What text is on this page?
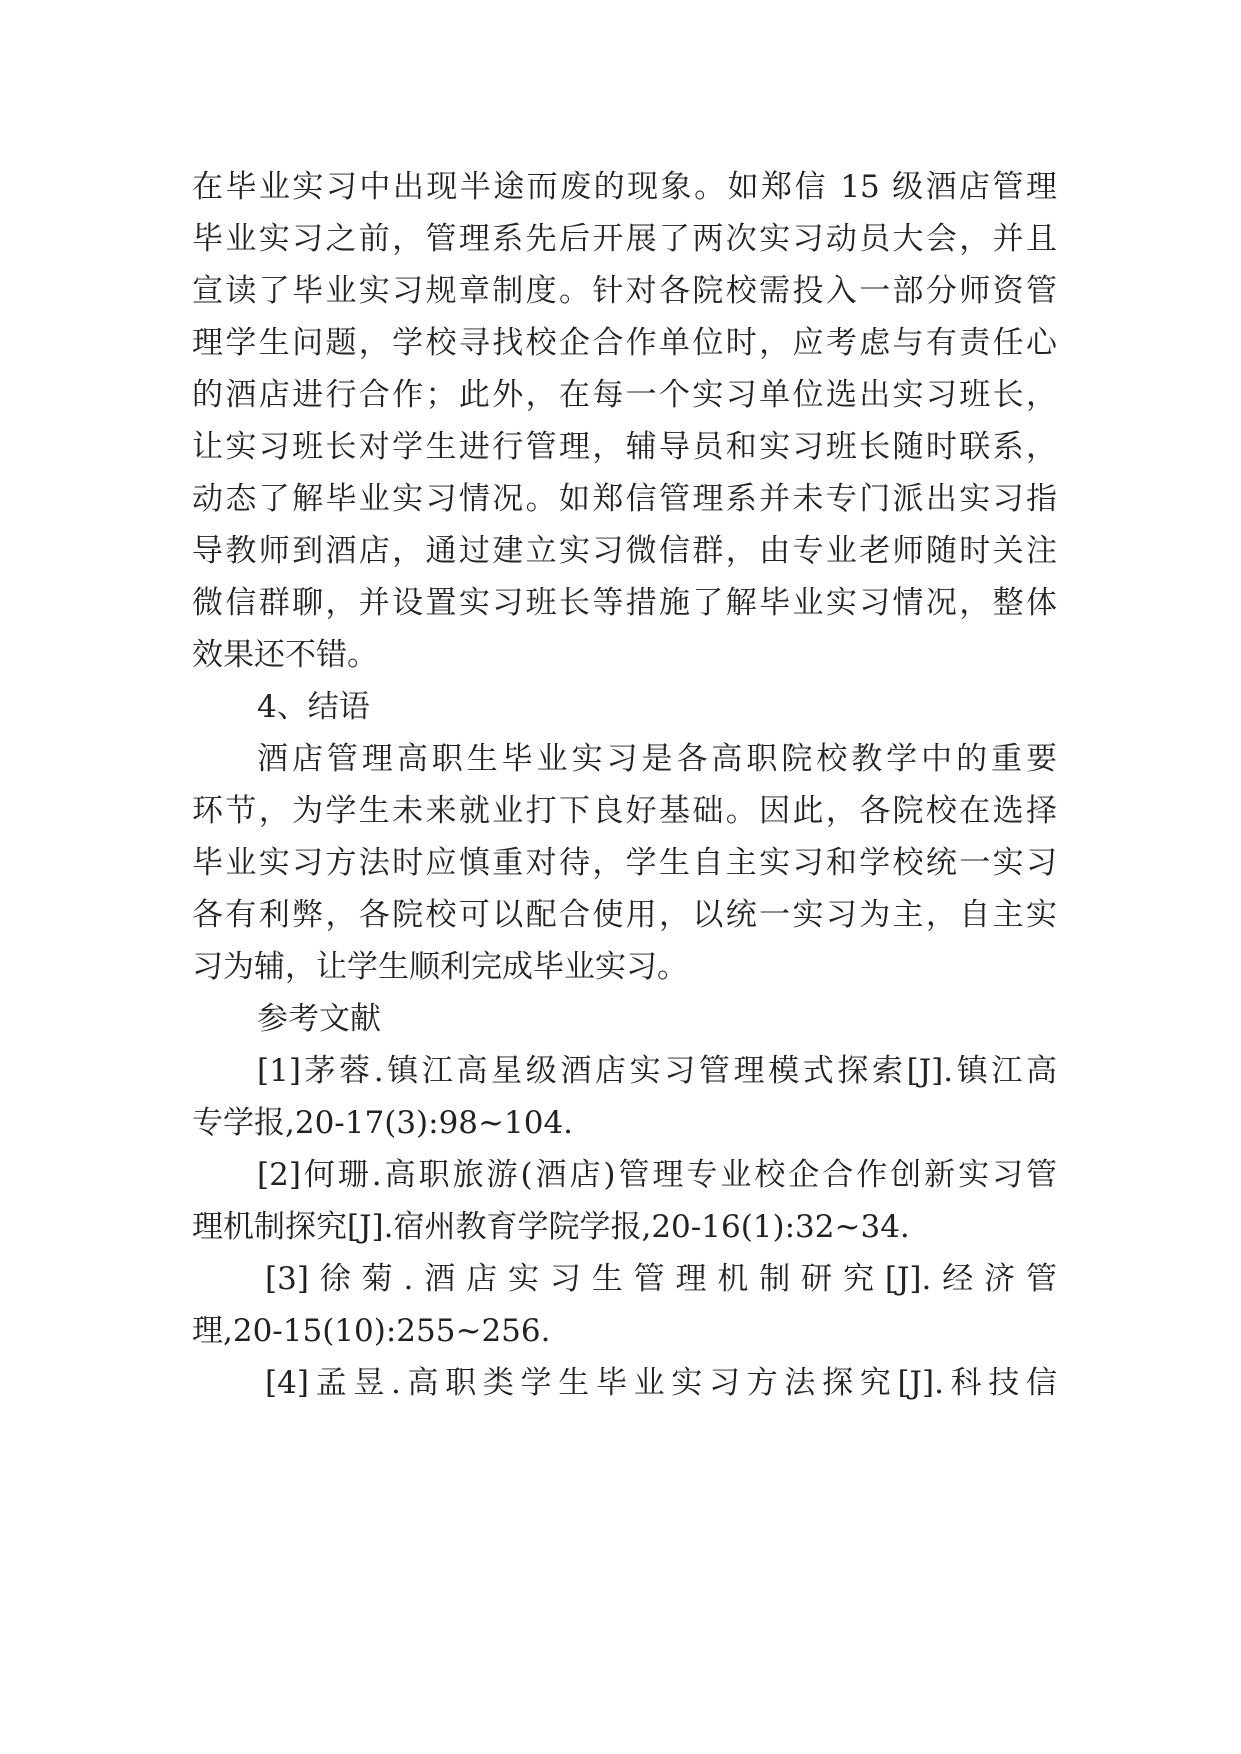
在毕业实习中出现半途而废的现象。如郑信 15 级酒店管理
毕业实习之前，管理系先后开展了两次实习动员大会，并且
宣读了毕业实习规章制度。针对各院校需投入一部分师资管
理学生问题，学校寻找校企合作单位时，应考虑与有责任心
的酒店进行合作；此外，在每一个实习单位选出实习班长，
让实习班长对学生进行管理，辅导员和实习班长随时联系，
动态了解毕业实习情况。如郑信管理系并未专门派出实习指
导教师到酒店，通过建立实习微信群，由专业老师随时关注
微信群聊，并设置实习班长等措施了解毕业实习情况，整体
效果还不错。
4、结语
酒店管理高职生毕业实习是各高职院校教学中的重要
环节，为学生未来就业打下良好基础。因此，各院校在选择
毕业实习方法时应慎重对待，学生自主实习和学校统一实习
各有利弊，各院校可以配合使用，以统一实习为主，自主实
习为辅，让学生顺利完成毕业实习。
参考文献
[1]茅蓉.镇江高星级酒店实习管理模式探索[J].镇江高
专学报,20-17(3):98~104.
[2]何珊.高职旅游(酒店)管理专业校企合作创新实习管
理机制探究[J].宿州教育学院学报,20-16(1):32~34.
[3]徐菊.酒店实习生管理机制研究[J].经济管
理,20-15(10):255~256.
[4]孟昱.高职类学生毕业实习方法探究[J].科技信
